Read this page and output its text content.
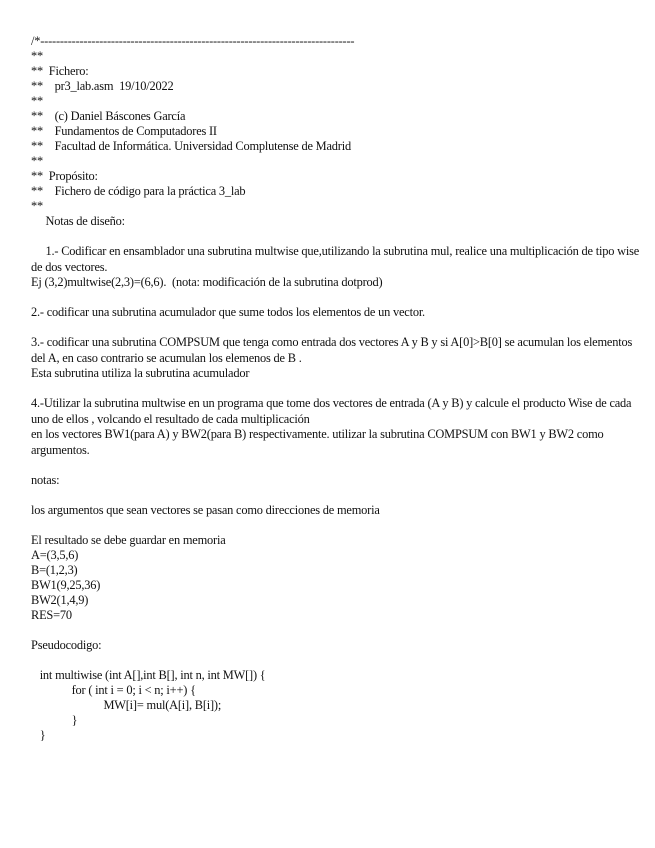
/*--------------------------------------------------------------------------------
**
**  Fichero:
**    pr3_lab.asm  19/10/2022
**
**    (c) Daniel Báscones García
**    Fundamentos de Computadores II
**    Facultad de Informática. Universidad Complutense de Madrid
**
**  Propósito:
**    Fichero de código para la práctica 3_lab
**
Notas de diseño:
1.- Codificar en ensamblador una subrutina multwise que,utilizando la subrutina mul, realice una multiplicación de tipo wise de dos vectores.
Ej (3,2)multwise(2,3)=(6,6).  (nota: modificación de la subrutina dotprod)
2.- codificar una subrutina acumulador que sume todos los elementos de un vector.
3.- codificar una subrutina COMPSUM que tenga como entrada dos vectores A y B y si A[0]>B[0] se acumulan los elementos del A, en caso contrario se acumulan los elemenos de B .
Esta subrutina utiliza la subrutina acumulador
4.-Utilizar la subrutina multwise en un programa que tome dos vectores de entrada (A y B) y calcule el producto Wise de cada uno de ellos , volcando el resultado de cada multiplicación
en los vectores BW1(para A) y BW2(para B) respectivamente. utilizar la subrutina COMPSUM con BW1 y BW2 como argumentos.
notas:
los argumentos que sean vectores se pasan como direcciones de memoria
El resultado se debe guardar en memoria
A=(3,5,6)
B=(1,2,3)
BW1(9,25,36)
BW2(1,4,9)
RES=70
Pseudocodigo:
int multiwise (int A[],int B[], int n, int MW[]) {
for ( int i = 0; i < n; i++) {
MW[i]= mul(A[i], B[i]);
}
}
